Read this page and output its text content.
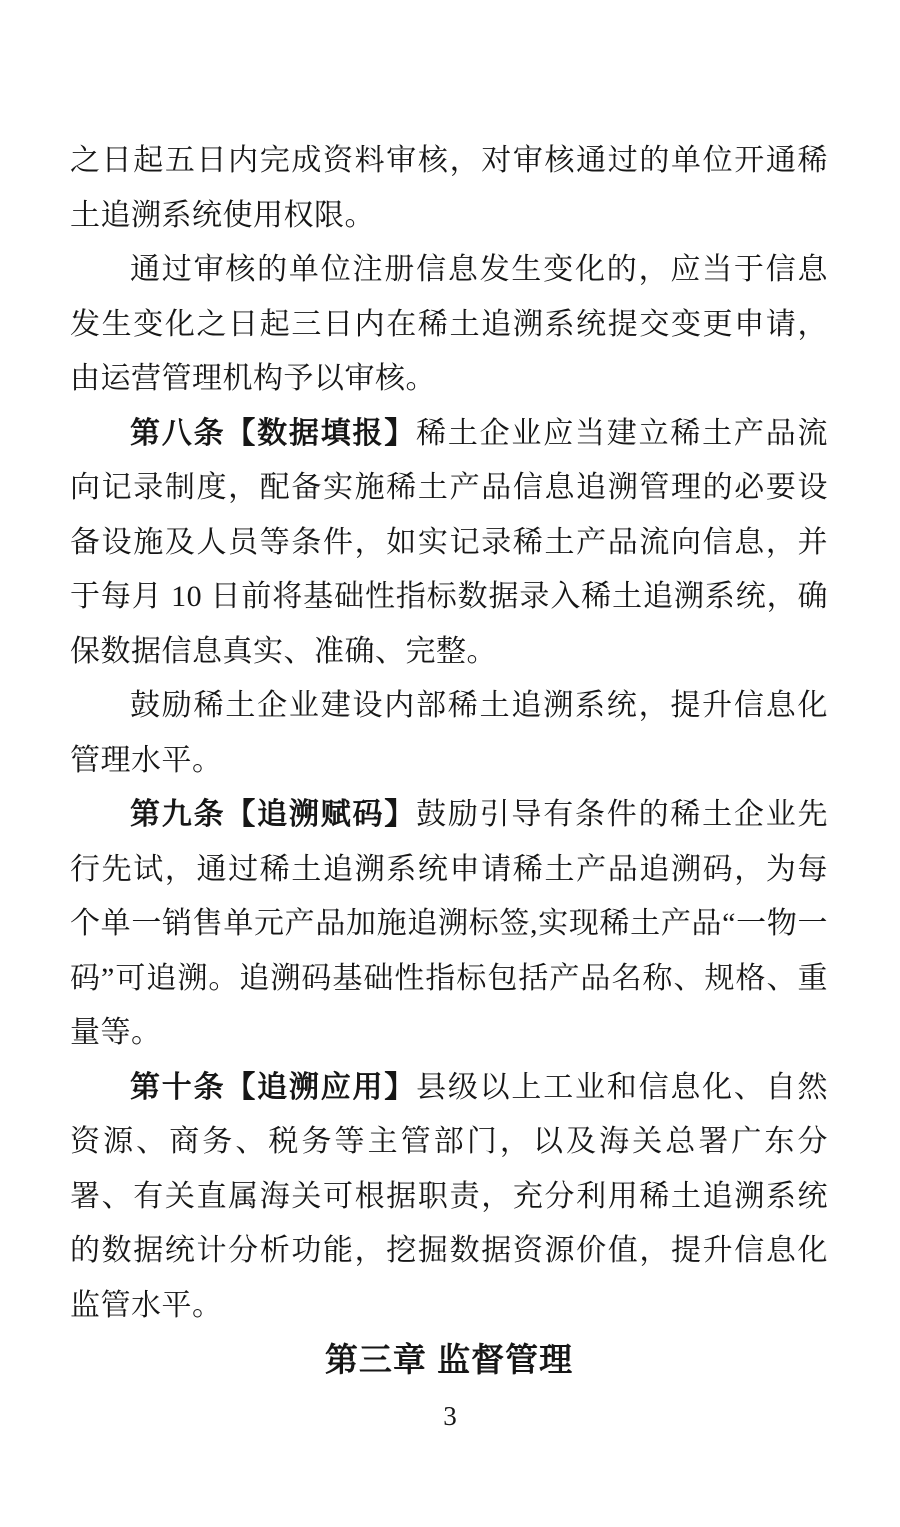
之日起五日内完成资料审核，对审核通过的单位开通稀土追溯系统使用权限。

通过审核的单位注册信息发生变化的，应当于信息发生变化之日起三日内在稀土追溯系统提交变更申请，由运营管理机构予以审核。

第八条【数据填报】稀土企业应当建立稀土产品流向记录制度，配备实施稀土产品信息追溯管理的必要设备设施及人员等条件，如实记录稀土产品流向信息，并于每月 10 日前将基础性指标数据录入稀土追溯系统，确保数据信息真实、准确、完整。

鼓励稀土企业建设内部稀土追溯系统，提升信息化管理水平。

第九条【追溯赋码】鼓励引导有条件的稀土企业先行先试，通过稀土追溯系统申请稀土产品追溯码，为每个单一销售单元产品加施追溯标签,实现稀土产品“一物一码”可追溯。追溯码基础性指标包括产品名称、规格、重量等。

第十条【追溯应用】县级以上工业和信息化、自然资源、商务、税务等主管部门，以及海关总署广东分署、有关直属海关可根据职责，充分利用稀土追溯系统的数据统计分析功能，挖掘数据资源价值，提升信息化监管水平。

第三章 监督管理

3
